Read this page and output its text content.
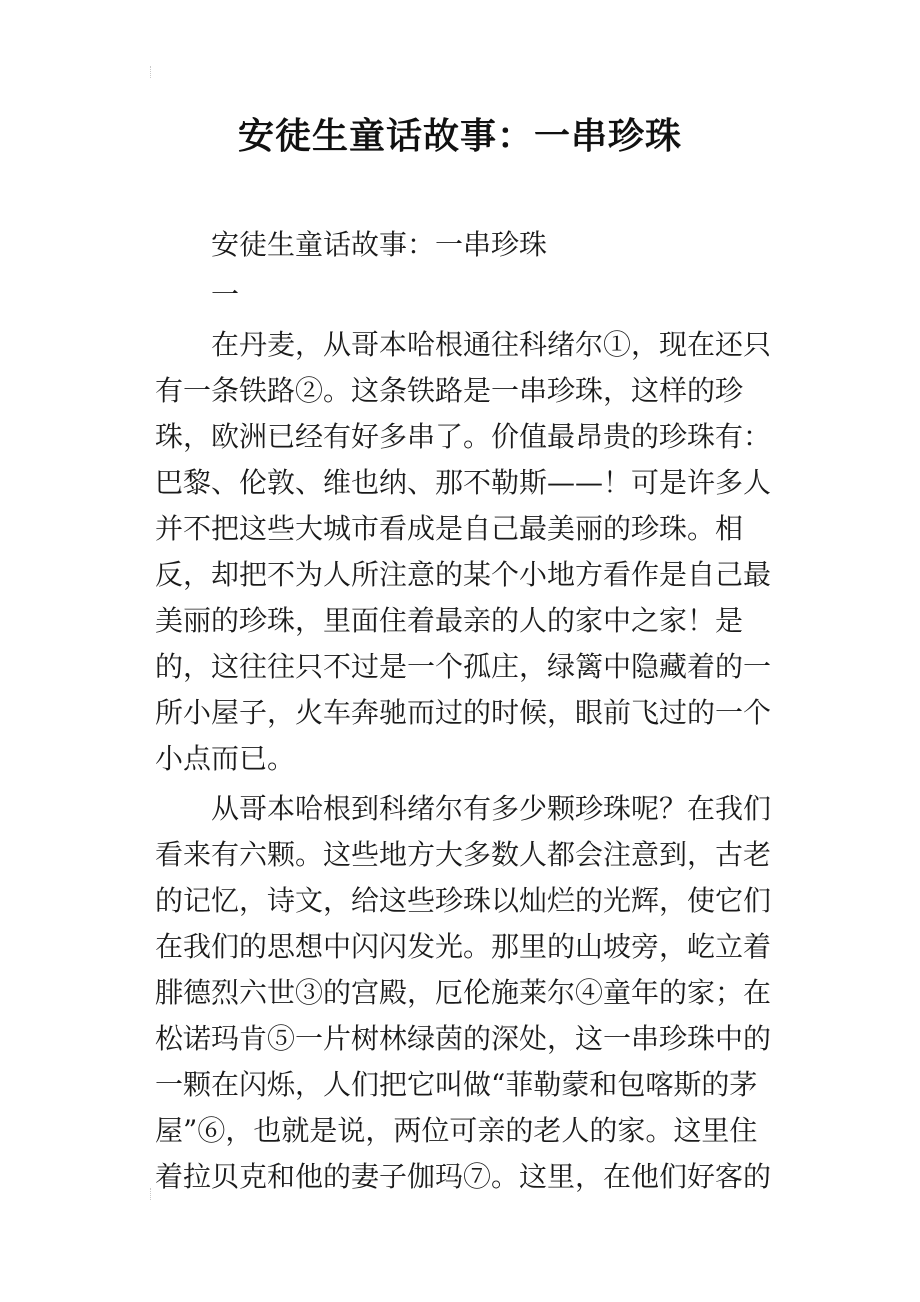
安徒生童话故事：一串珍珠

安徒生童话故事：一串珍珠

一

在丹麦，从哥本哈根通往科绪尔①，现在还只有一条铁路②。这条铁路是一串珍珠，这样的珍珠，欧洲已经有好多串了。价值最昂贵的珍珠有：巴黎、伦敦、维也纳、那不勒斯——！可是许多人并不把这些大城市看成是自己最美丽的珍珠。相反，却把不为人所注意的某个小地方看作是自己最美丽的珍珠，里面住着最亲的人的家中之家！是的，这往往只不过是一个孤庄，绿篱中隐藏着的一所小屋子，火车奔驰而过的时候，眼前飞过的一个小点而已。

从哥本哈根到科绪尔有多少颗珍珠呢？在我们看来有六颗。这些地方大多数人都会注意到，古老的记忆，诗文，给这些珍珠以灿烂的光辉，使它们在我们的思想中闪闪发光。那里的山坡旁，屹立着腓德烈六世③的宫殿，厄伦施莱尔④童年的家；在松诺玛肯⑤一片树林绿茵的深处，这一串珍珠中的一颗在闪烁，人们把它叫做“菲勒蒙和包喀斯的茅屋”⑥，也就是说，两位可亲的老人的家。这里住着拉贝克和他的妻子伽玛⑦。这里，在他们好客的
